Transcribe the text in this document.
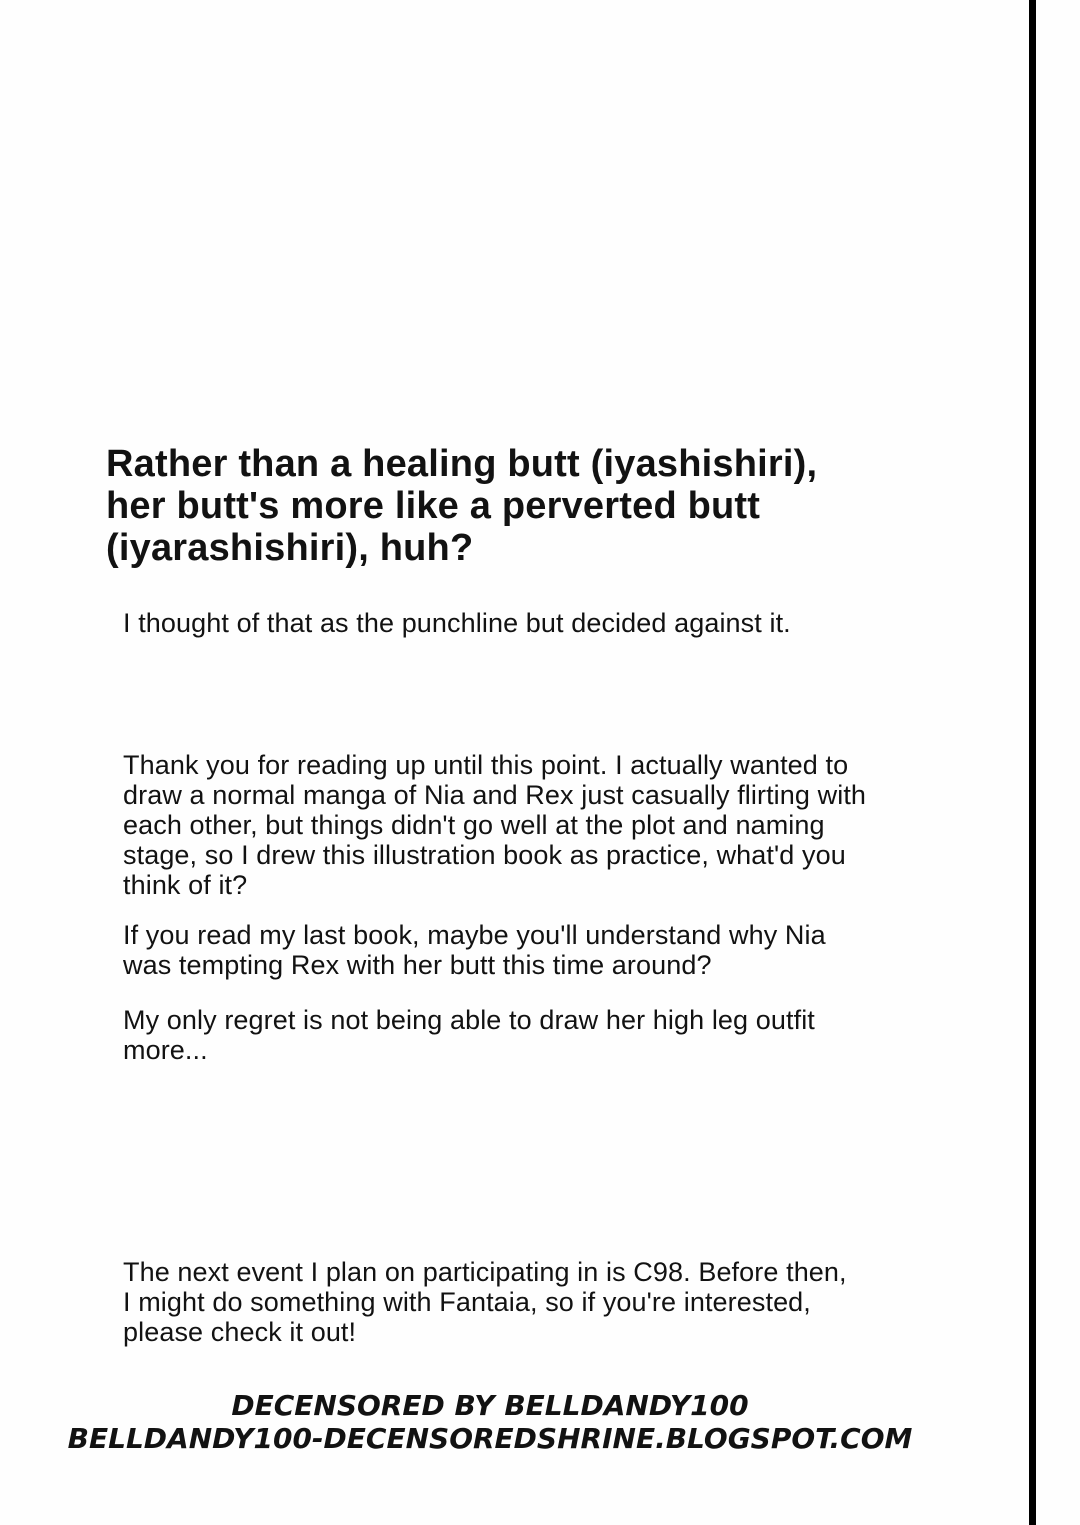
Rather than a healing butt (iyashishiri),
her butt's more like a perverted butt
(iyarashishiri), huh?
I thought of that as the punchline but decided against it.
Thank you for reading up until this point. I actually wanted to
draw a normal manga of Nia and Rex just casually flirting with
each other, but things didn't go well at the plot and naming
stage, so I drew this illustration book as practice, what'd you
think of it?
If you read my last book, maybe you'll understand why Nia
was tempting Rex with her butt this time around?
My only regret is not being able to draw her high leg outfit
more...
The next event I plan on participating in is C98. Before then,
I might do something with Fantaia, so if you're interested,
please check it out!
DECENSORED BY BELLDANDY100
BELLDANDY100-DECENSOREDSHRINE.BLOGSPOT.COM
